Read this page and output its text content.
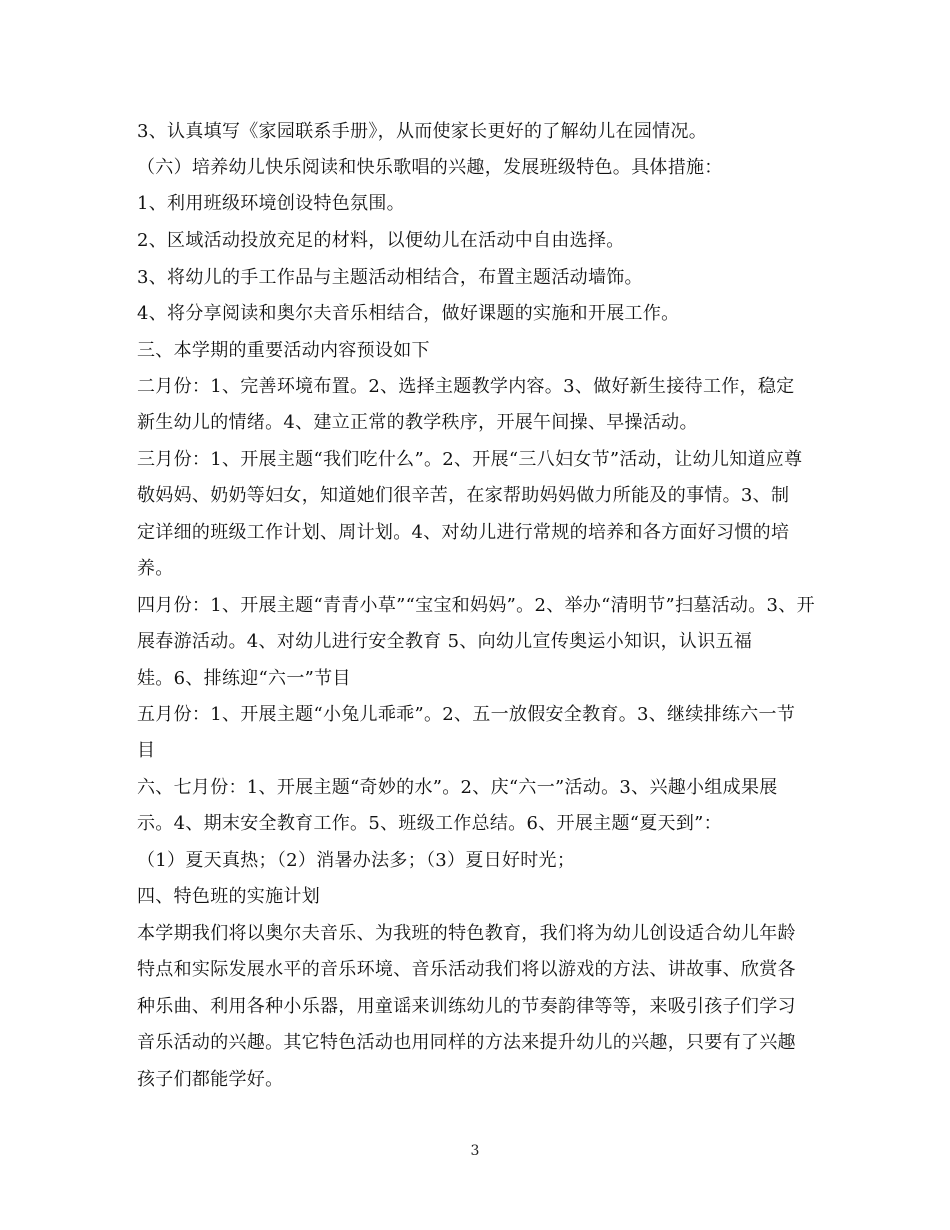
3、认真填写《家园联系手册》，从而使家长更好的了解幼儿在园情况。
（六）培养幼儿快乐阅读和快乐歌唱的兴趣，发展班级特色。具体措施：
1、利用班级环境创设特色氛围。
2、区域活动投放充足的材料，以便幼儿在活动中自由选择。
3、将幼儿的手工作品与主题活动相结合，布置主题活动墙饰。
4、将分享阅读和奥尔夫音乐相结合，做好课题的实施和开展工作。
三、本学期的重要活动内容预设如下
二月份：1、完善环境布置。2、选择主题教学内容。3、做好新生接待工作，稳定
新生幼儿的情绪。4、建立正常的教学秩序，开展午间操、早操活动。
三月份：1、开展主题“我们吃什么”。2、开展“三八妇女节”活动，让幼儿知道应尊
敬妈妈、奶奶等妇女，知道她们很辛苦，在家帮助妈妈做力所能及的事情。3、制
定详细的班级工作计划、周计划。4、对幼儿进行常规的培养和各方面好习惯的培
养。
四月份：1、开展主题“青青小草”“宝宝和妈妈”。2、举办“清明节”扫墓活动。3、开
展春游活动。4、对幼儿进行安全教育 5、向幼儿宣传奥运小知识，认识五福
娃。6、排练迎“六一”节目
五月份：1、开展主题“小兔儿乖乖”。2、五一放假安全教育。3、继续排练六一节
目
六、七月份：1、开展主题“奇妙的水”。2、庆“六一”活动。3、兴趣小组成果展
示。4、期末安全教育工作。5、班级工作总结。6、开展主题“夏天到”：
（1）夏天真热；（2）消暑办法多；（3）夏日好时光；
四、特色班的实施计划
本学期我们将以奥尔夫音乐、为我班的特色教育，我们将为幼儿创设适合幼儿年龄
特点和实际发展水平的音乐环境、音乐活动我们将以游戏的方法、讲故事、欣赏各
种乐曲、利用各种小乐器，用童谣来训练幼儿的节奏韵律等等，来吸引孩子们学习
音乐活动的兴趣。其它特色活动也用同样的方法来提升幼儿的兴趣，只要有了兴趣
孩子们都能学好。
3
